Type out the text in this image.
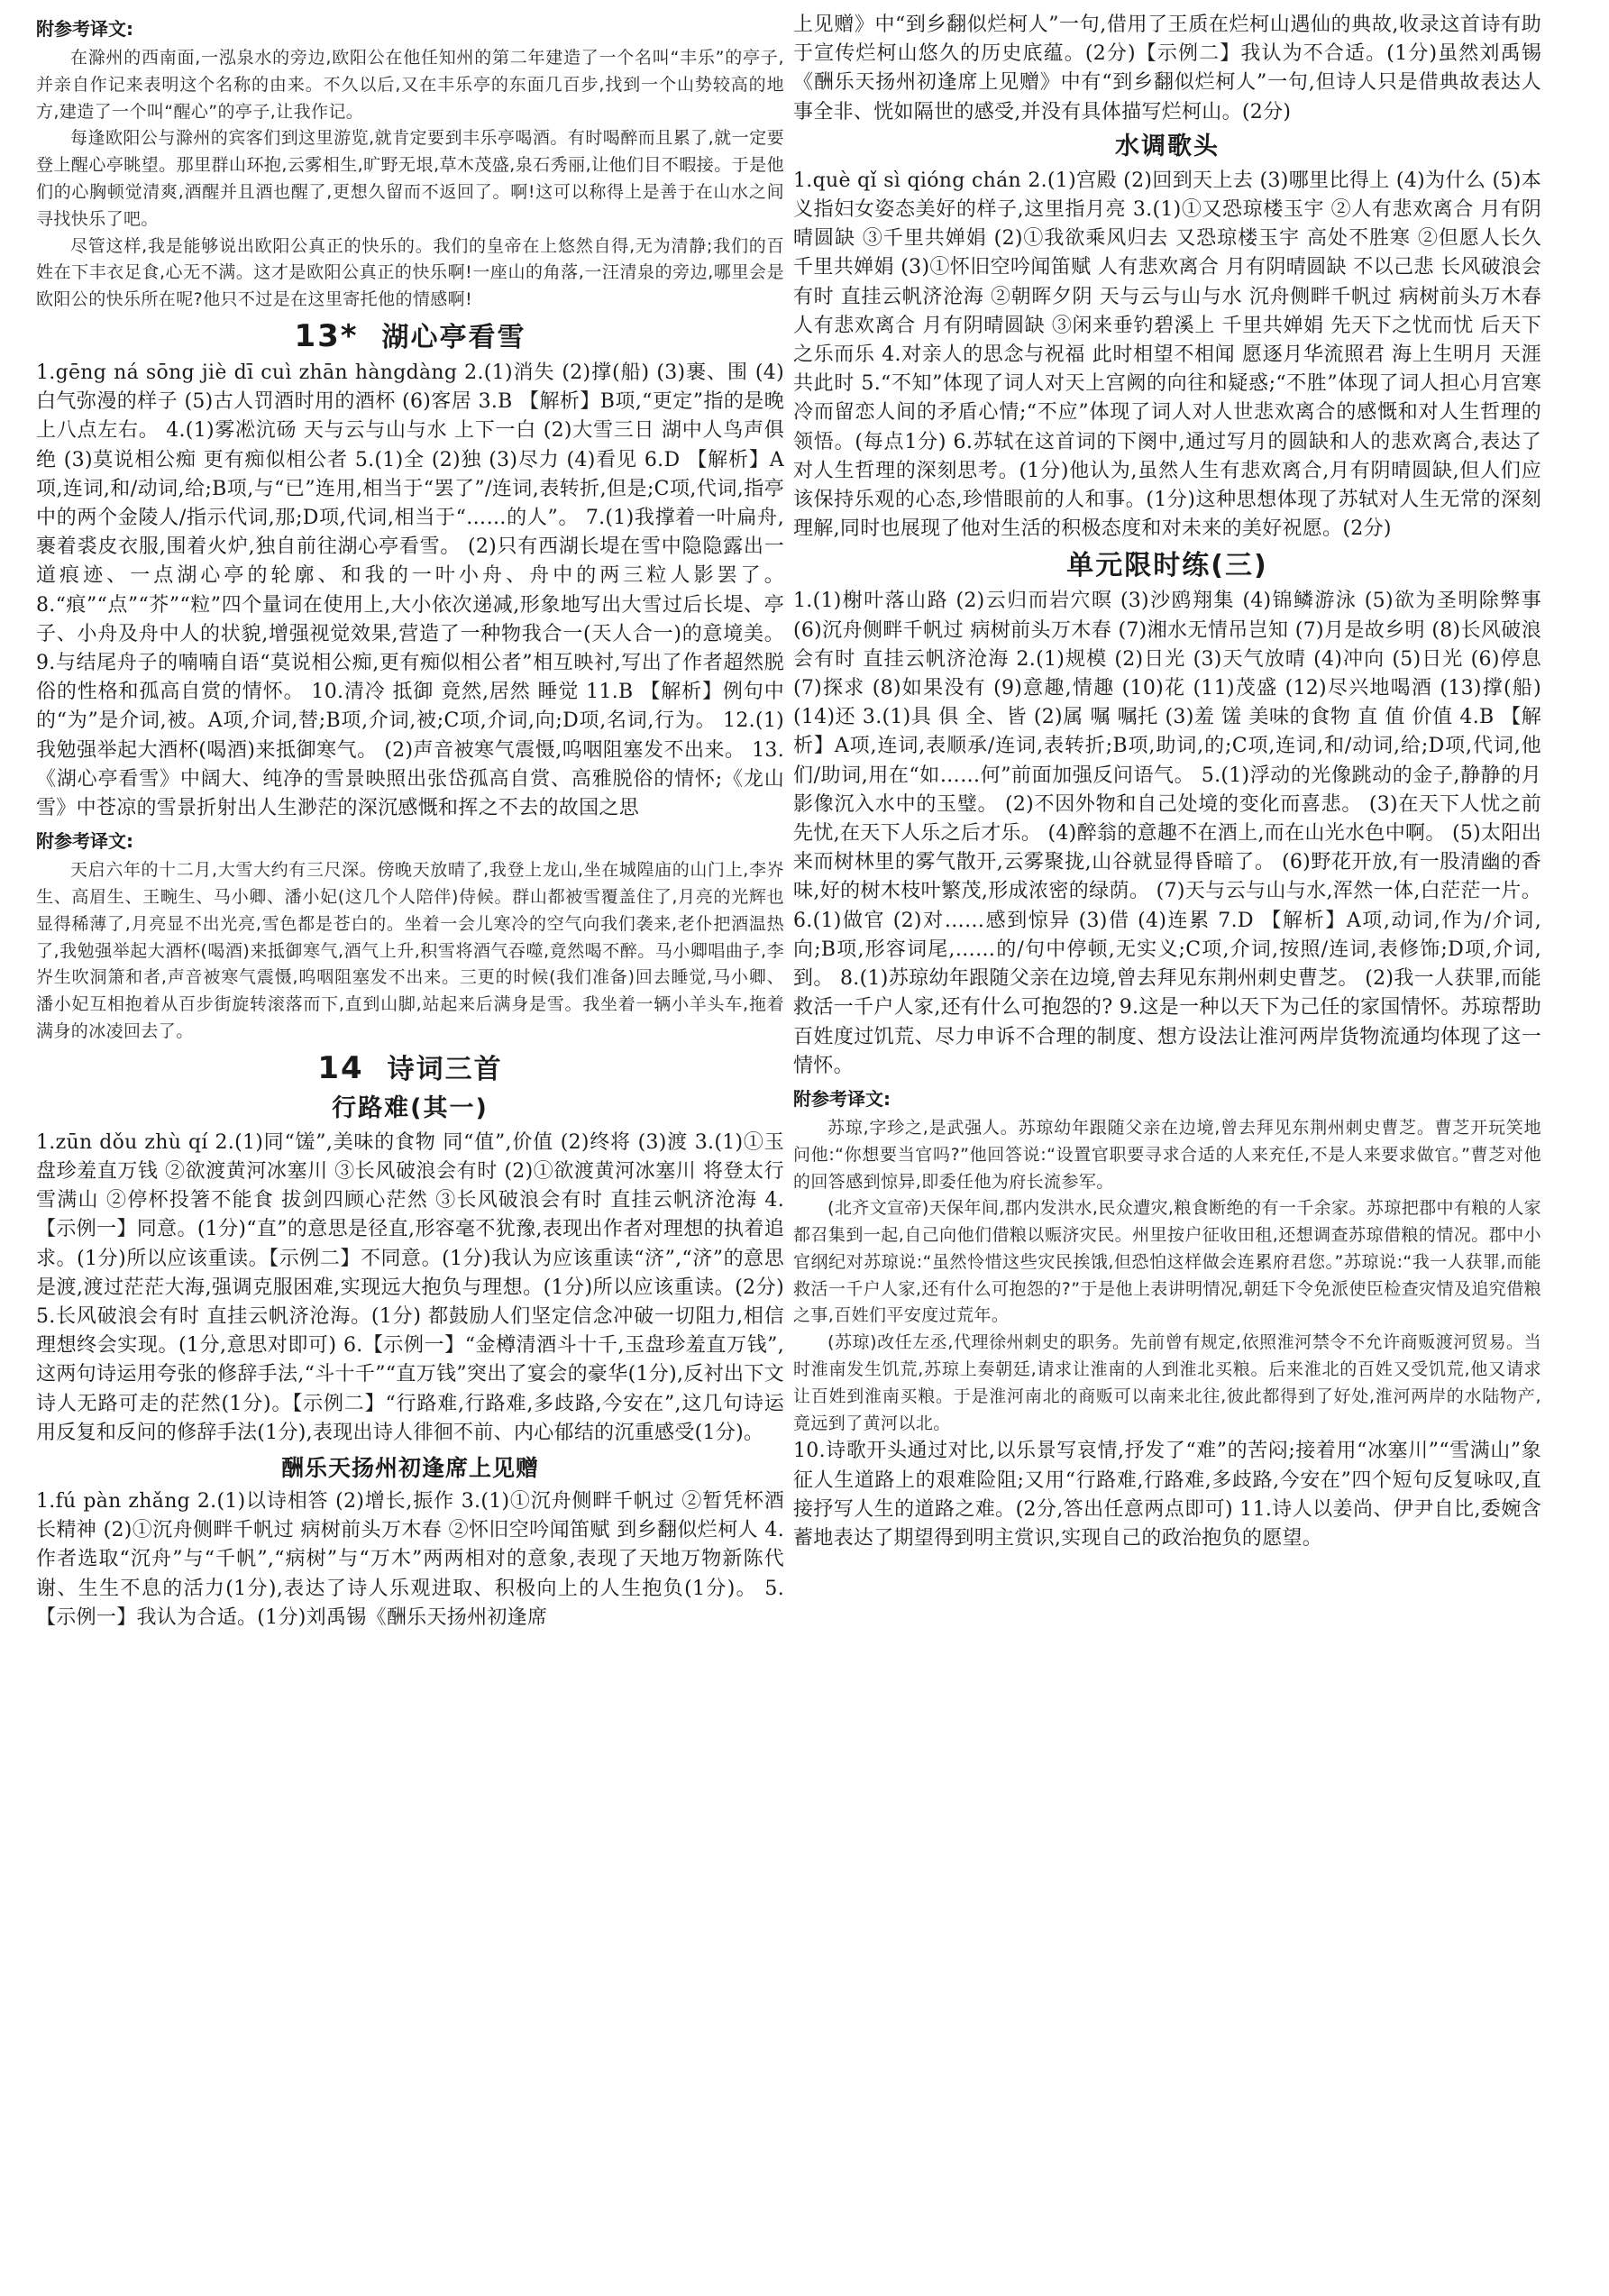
附参考译文:

在滁州的西南面,一泓泉水的旁边,欧阳公在他任知州的第二年建造了一个名叫“丰乐”的亭子,并亲自作记来表明这个名称的由来。不久以后,又在丰乐亭的东面几百步,找到一个山势较高的地方,建造了一个叫“醒心”的亭子,让我作记。

每逢欧阳公与滁州的宾客们到这里游览,就肯定要到丰乐亭喝酒。有时喝醉而且累了,就一定要登上醒心亭眺望。那里群山环抱,云雾相生,旷野无垠,草木茂盛,泉石秀丽,让他们目不暇接。于是他们的心胸顿觉清爽,酒醒并且酒也醒了,更想久留而不返回了。啊!这可以称得上是善于在山水之间寻找快乐了吧。

尽管这样,我是能够说出欧阳公真正的快乐的。我们的皇帝在上悠然自得,无为清静;我们的百姓在下丰衣足食,心无不满。这才是欧阳公真正的快乐啊!一座山的角落,一汪清泉的旁边,哪里会是欧阳公的快乐所在呢?他只不过是在这里寄托他的情感啊!

13* 湖心亭看雪

1.gēng ná sōng jiè dī cuì zhān hàngdàng 2.(1)消失 (2)撑(船) (3)裹、围 (4)白气弥漫的样子 (5)古人罚酒时用的酒杯 (6)客居 3.B 【解析】B项,“更定”指的是晚上八点左右。 4.(1)雾凇沆砀 天与云与山与水 上下一白 (2)大雪三日 湖中人鸟声俱绝 (3)莫说相公痴 更有痴似相公者 5.(1)全 (2)独 (3)尽力 (4)看见 6.D 【解析】A项,连词,和/动词,给;B项,与“已”连用,相当于“罢了”/连词,表转折,但是;C项,代词,指亭中的两个金陵人/指示代词,那;D项,代词,相当于“……的人”。 7.(1)我撑着一叶扁舟,裹着裘皮衣服,围着火炉,独自前往湖心亭看雪。 (2)只有西湖长堤在雪中隐隐露出一道痕迹、一点湖心亭的轮廓、和我的一叶小舟、舟中的两三粒人影罢了。 8.“痕”“点”“芥”“粒”四个量词在使用上,大小依次递减,形象地写出大雪过后长堤、亭子、小舟及舟中人的状貌,增强视觉效果,营造了一种物我合一(天人合一)的意境美。 9.与结尾舟子的喃喃自语“莫说相公痴,更有痴似相公者”相互映衬,写出了作者超然脱俗的性格和孤高自赏的情怀。 10.清冷 抵御 竟然,居然 睡觉 11.B 【解析】例句中的“为”是介词,被。A项,介词,替;B项,介词,被;C项,介词,向;D项,名词,行为。 12.(1)我勉强举起大酒杯(喝酒)来抵御寒气。 (2)声音被寒气震慑,呜咽阻塞发不出来。 13.《湖心亭看雪》中阔大、纯净的雪景映照出张岱孤高自赏、高雅脱俗的情怀;《龙山雪》中苍凉的雪景折射出人生渺茫的深沉感慨和挥之不去的故国之思

附参考译文:

天启六年的十二月,大雪大约有三尺深。傍晚天放晴了,我登上龙山,坐在城隍庙的山门上,李岕生、高眉生、王畹生、马小卿、潘小妃(这几个人陪伴)侍候。群山都被雪覆盖住了,月亮的光辉也显得稀薄了,月亮显不出光亮,雪色都是苍白的。坐着一会儿寒冷的空气向我们袭来,老仆把酒温热了,我勉强举起大酒杯(喝酒)来抵御寒气,酒气上升,积雪将酒气吞噬,竟然喝不醉。马小卿唱曲子,李岕生吹洞箫和者,声音被寒气震慑,呜咽阻塞发不出来。三更的时候(我们准备)回去睡觉,马小卿、潘小妃互相抱着从百步街旋转滚落而下,直到山脚,站起来后满身是雪。我坐着一辆小羊头车,拖着满身的冰凌回去了。

14 诗词三首
行路难(其一)

1.zūn dǒu zhù qí 2.(1)同“馐”,美味的食物 同“值”,价值 (2)终将 (3)渡 3.(1)①玉盘珍羞直万钱 ②欲渡黄河冰塞川 ③长风破浪会有时 (2)①欲渡黄河冰塞川 将登太行雪满山 ②停杯投箸不能食 拔剑四顾心茫然 ③长风破浪会有时 直挂云帆济沧海 4.【示例一】同意。(1分)“直”的意思是径直,形容毫不犹豫,表现出作者对理想的执着追求。(1分)所以应该重读。【示例二】不同意。(1分)我认为应该重读“济”,“济”的意思是渡,渡过茫茫大海,强调克服困难,实现远大抱负与理想。(1分)所以应该重读。(2分) 5.长风破浪会有时 直挂云帆济沧海。(1分) 都鼓励人们坚定信念冲破一切阻力,相信理想终会实现。(1分,意思对即可) 6.【示例一】“金樽清酒斗十千,玉盘珍羞直万钱”,这两句诗运用夸张的修辞手法,“斗十千”“直万钱”突出了宴会的豪华(1分),反衬出下文诗人无路可走的茫然(1分)。【示例二】“行路难,行路难,多歧路,今安在”,这几句诗运用反复和反问的修辞手法(1分),表现出诗人徘徊不前、内心郁结的沉重感受(1分)。

酬乐天扬州初逢席上见赠

1.fú pàn zhǎng 2.(1)以诗相答 (2)增长,振作 3.(1)①沉舟侧畔千帆过 ②暂凭杯酒长精神 (2)①沉舟侧畔千帆过 病树前头万木春 ②怀旧空吟闻笛赋 到乡翻似烂柯人 4.作者选取“沉舟”与“千帆”,“病树”与“万木”两两相对的意象,表现了天地万物新陈代谢、生生不息的活力(1分),表达了诗人乐观进取、积极向上的人生抱负(1分)。 5.【示例一】我认为合适。(1分)刘禹锡《酬乐天扬州初逢席

上见赠》中“到乡翻似烂柯人”一句,借用了王质在烂柯山遇仙的典故,收录这首诗有助于宣传烂柯山悠久的历史底蕴。(2分)【示例二】我认为不合适。(1分)虽然刘禹锡《酬乐天扬州初逢席上见赠》中有“到乡翻似烂柯人”一句,但诗人只是借典故表达人事全非、恍如隔世的感受,并没有具体描写烂柯山。(2分)

水调歌头

1.què qǐ sì qióng chán 2.(1)宫殿 (2)回到天上去 (3)哪里比得上 (4)为什么 (5)本义指妇女姿态美好的样子,这里指月亮 3.(1)①又恐琼楼玉宇 ②人有悲欢离合 月有阴晴圆缺 ③千里共婵娟 (2)①我欲乘风归去 又恐琼楼玉宇 高处不胜寒 ②但愿人长久 千里共婵娟 (3)①怀旧空吟闻笛赋 人有悲欢离合 月有阴晴圆缺 不以己悲 长风破浪会有时 直挂云帆济沧海 ②朝晖夕阴 天与云与山与水 沉舟侧畔千帆过 病树前头万木春 人有悲欢离合 月有阴晴圆缺 ③闲来垂钓碧溪上 千里共婵娟 先天下之忧而忧 后天下之乐而乐 4.对亲人的思念与祝福 此时相望不相闻 愿逐月华流照君 海上生明月 天涯共此时 5.“不知”体现了词人对天上宫阙的向往和疑惑;“不胜”体现了词人担心月宫寒冷而留恋人间的矛盾心情;“不应”体现了词人对人世悲欢离合的感慨和对人生哲理的领悟。(每点1分) 6.苏轼在这首词的下阕中,通过写月的圆缺和人的悲欢离合,表达了对人生哲理的深刻思考。(1分)他认为,虽然人生有悲欢离合,月有阴晴圆缺,但人们应该保持乐观的心态,珍惜眼前的人和事。(1分)这种思想体现了苏轼对人生无常的深刻理解,同时也展现了他对生活的积极态度和对未来的美好祝愿。(2分)

单元限时练(三)

1.(1)榭叶落山路 (2)云归而岩穴暝 (3)沙鸥翔集 (4)锦鳞游泳 (5)欲为圣明除弊事 (6)沉舟侧畔千帆过 病树前头万木春 (7)湘水无情吊岂知 (7)月是故乡明 (8)长风破浪会有时 直挂云帆济沧海 2.(1)规模 (2)日光 (3)天气放晴 (4)冲向 (5)日光 (6)停息 (7)探求 (8)如果没有 (9)意趣,情趣 (10)花 (11)茂盛 (12)尽兴地喝酒 (13)撑(船) (14)还 3.(1)具 俱 全、皆 (2)属 嘱 嘱托 (3)羞 馐 美味的食物 直 值 价值 4.B 【解析】A项,连词,表顺承/连词,表转折;B项,助词,的;C项,连词,和/动词,给;D项,代词,他们/助词,用在“如……何”前面加强反问语气。 5.(1)浮动的光像跳动的金子,静静的月影像沉入水中的玉璧。 (2)不因外物和自己处境的变化而喜悲。 (3)在天下人忧之前先忧,在天下人乐之后才乐。 (4)醉翁的意趣不在酒上,而在山光水色中啊。 (5)太阳出来而树林里的雾气散开,云雾聚拢,山谷就显得昏暗了。 (6)野花开放,有一股清幽的香味,好的树木枝叶繁茂,形成浓密的绿荫。 (7)天与云与山与水,浑然一体,白茫茫一片。 6.(1)做官 (2)对……感到惊异 (3)借 (4)连累 7.D 【解析】A项,动词,作为/介词,向;B项,形容词尾,……的/句中停顿,无实义;C项,介词,按照/连词,表修饰;D项,介词,到。 8.(1)苏琼幼年跟随父亲在边境,曾去拜见东荆州刺史曹芝。 (2)我一人获罪,而能救活一千户人家,还有什么可抱怨的? 9.这是一种以天下为己任的家国情怀。苏琼帮助百姓度过饥荒、尽力申诉不合理的制度、想方设法让淮河两岸货物流通均体现了这一情怀。

附参考译文:

苏琼,字珍之,是武强人。苏琼幼年跟随父亲在边境,曾去拜见东荆州刺史曹芝。曹芝开玩笑地问他:“你想要当官吗?”他回答说:“设置官职要寻求合适的人来充任,不是人来要求做官。”曹芝对他的回答感到惊异,即委任他为府长流参军。

(北齐文宣帝)天保年间,郡内发洪水,民众遭灾,粮食断绝的有一千余家。苏琼把郡中有粮的人家都召集到一起,自己向他们借粮以赈济灾民。州里按户征收田租,还想调查苏琼借粮的情况。郡中小官纲纪对苏琼说:“虽然怜惜这些灾民挨饿,但恐怕这样做会连累府君您。”苏琼说:“我一人获罪,而能救活一千户人家,还有什么可抱怨的?”于是他上表讲明情况,朝廷下令免派使臣检查灾情及追究借粮之事,百姓们平安度过荒年。

(苏琼)改任左丞,代理徐州刺史的职务。先前曾有规定,依照淮河禁令不允许商贩渡河贸易。当时淮南发生饥荒,苏琼上奏朝廷,请求让淮南的人到淮北买粮。后来淮北的百姓又受饥荒,他又请求让百姓到淮南买粮。于是淮河南北的商贩可以南来北往,彼此都得到了好处,淮河两岸的水陆物产,竟远到了黄河以北。

10.诗歌开头通过对比,以乐景写哀情,抒发了“难”的苦闷;接着用“冰塞川”“雪满山”象征人生道路上的艰难险阻;又用“行路难,行路难,多歧路,今安在”四个短句反复咏叹,直接抒写人生的道路之难。(2分,答出任意两点即可) 11.诗人以姜尚、伊尹自比,委婉含蓄地表达了期望得到明主赏识,实现自己的政治抱负的愿望。
